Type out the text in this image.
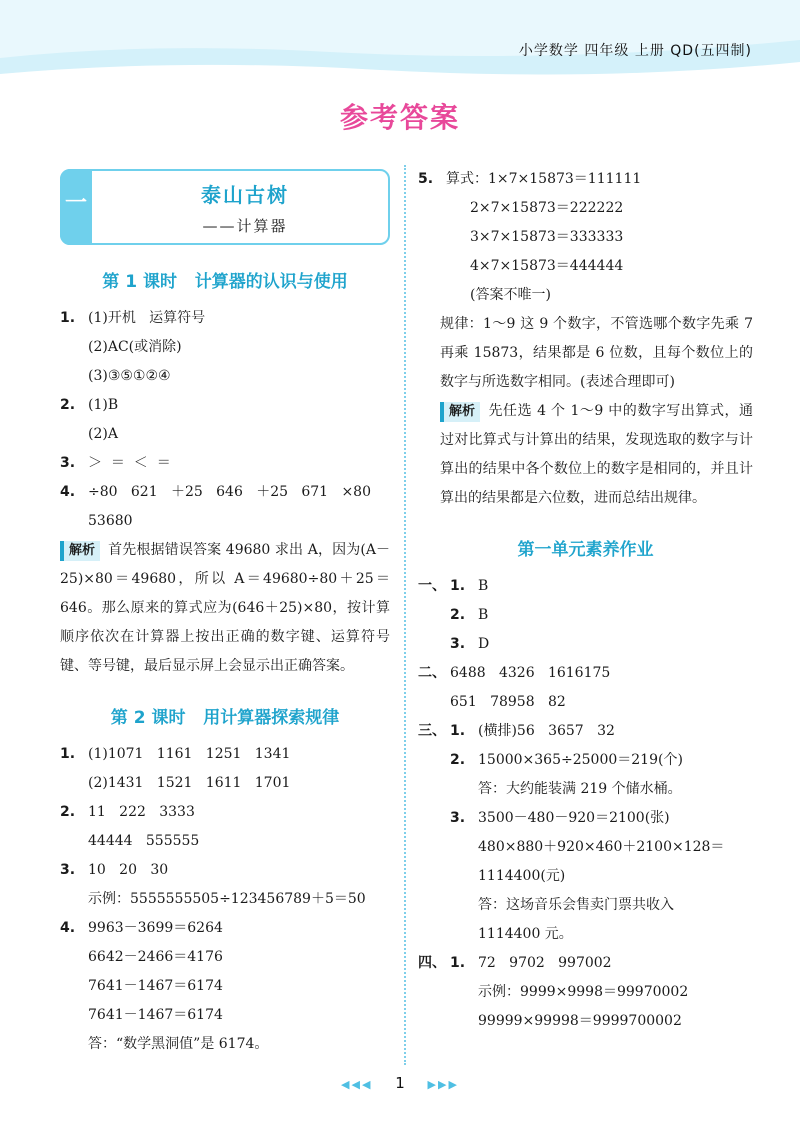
小学数学 四年级 上册 QD(五四制)
参考答案
一	泰山古树
——计算器
第 1 课时   计算器的认识与使用
1. (1)开机   运算符号
(2)AC(或消除)
(3)③⑤①②④
2. (1)B
(2)A
3. ＞  ＝  ＜  ＝
4. ÷80   621   ＋25   646   ＋25   671   ×80
53680
解析 首先根据错误答案 49680 求出 A，因为(A－25)×80＝49680，所以 A＝49680÷80＋25＝646。那么原来的算式应为(646＋25)×80，按计算顺序依次在计算器上按出正确的数字键、运算符号键、等号键，最后显示屏上会显示出正确答案。
第 2 课时   用计算器探索规律
1. (1)1071   1161   1251   1341
(2)1431   1521   1611   1701
2. 11   222   3333
44444   555555
3. 10   20   30
示例：5555555505÷123456789＋5＝50
4. 9963－3699＝6264
6642－2466＝4176
7641－1467＝6174
7641－1467＝6174
答：“数学黑洞值”是 6174。
5. 算式：1×7×15873＝111111
2×7×15873＝222222
3×7×15873＝333333
4×7×15873＝444444
(答案不唯一)
规律：1～9 这 9 个数字，不管选哪个数字先乘 7 再乘 15873，结果都是 6 位数，且每个数位上的数字与所选数字相同。(表述合理即可)
解析 先任选 4 个 1～9 中的数字写出算式，通过对比算式与计算出的结果，发现选取的数字与计算出的结果中各个数位上的数字是相同的，并且计算出的结果都是六位数，进而总结出规律。
第一单元素养作业
一、 1. B
2. B
3. D
二、 6488   4326   1616175
651   78958   82
三、 1. (横排)56   3657   32
2. 15000×365÷25000＝219(个)
答：大约能装满 219 个储水桶。
3. 3500－480－920＝2100(张)
480×880＋920×460＋2100×128＝
1114400(元)
答：这场音乐会售卖门票共收入
1114400 元。
四、 1. 72   9702   997002
示例：9999×9998＝99970002
99999×99998＝9999700002
◀◀◀ 1 ▶▶▶
